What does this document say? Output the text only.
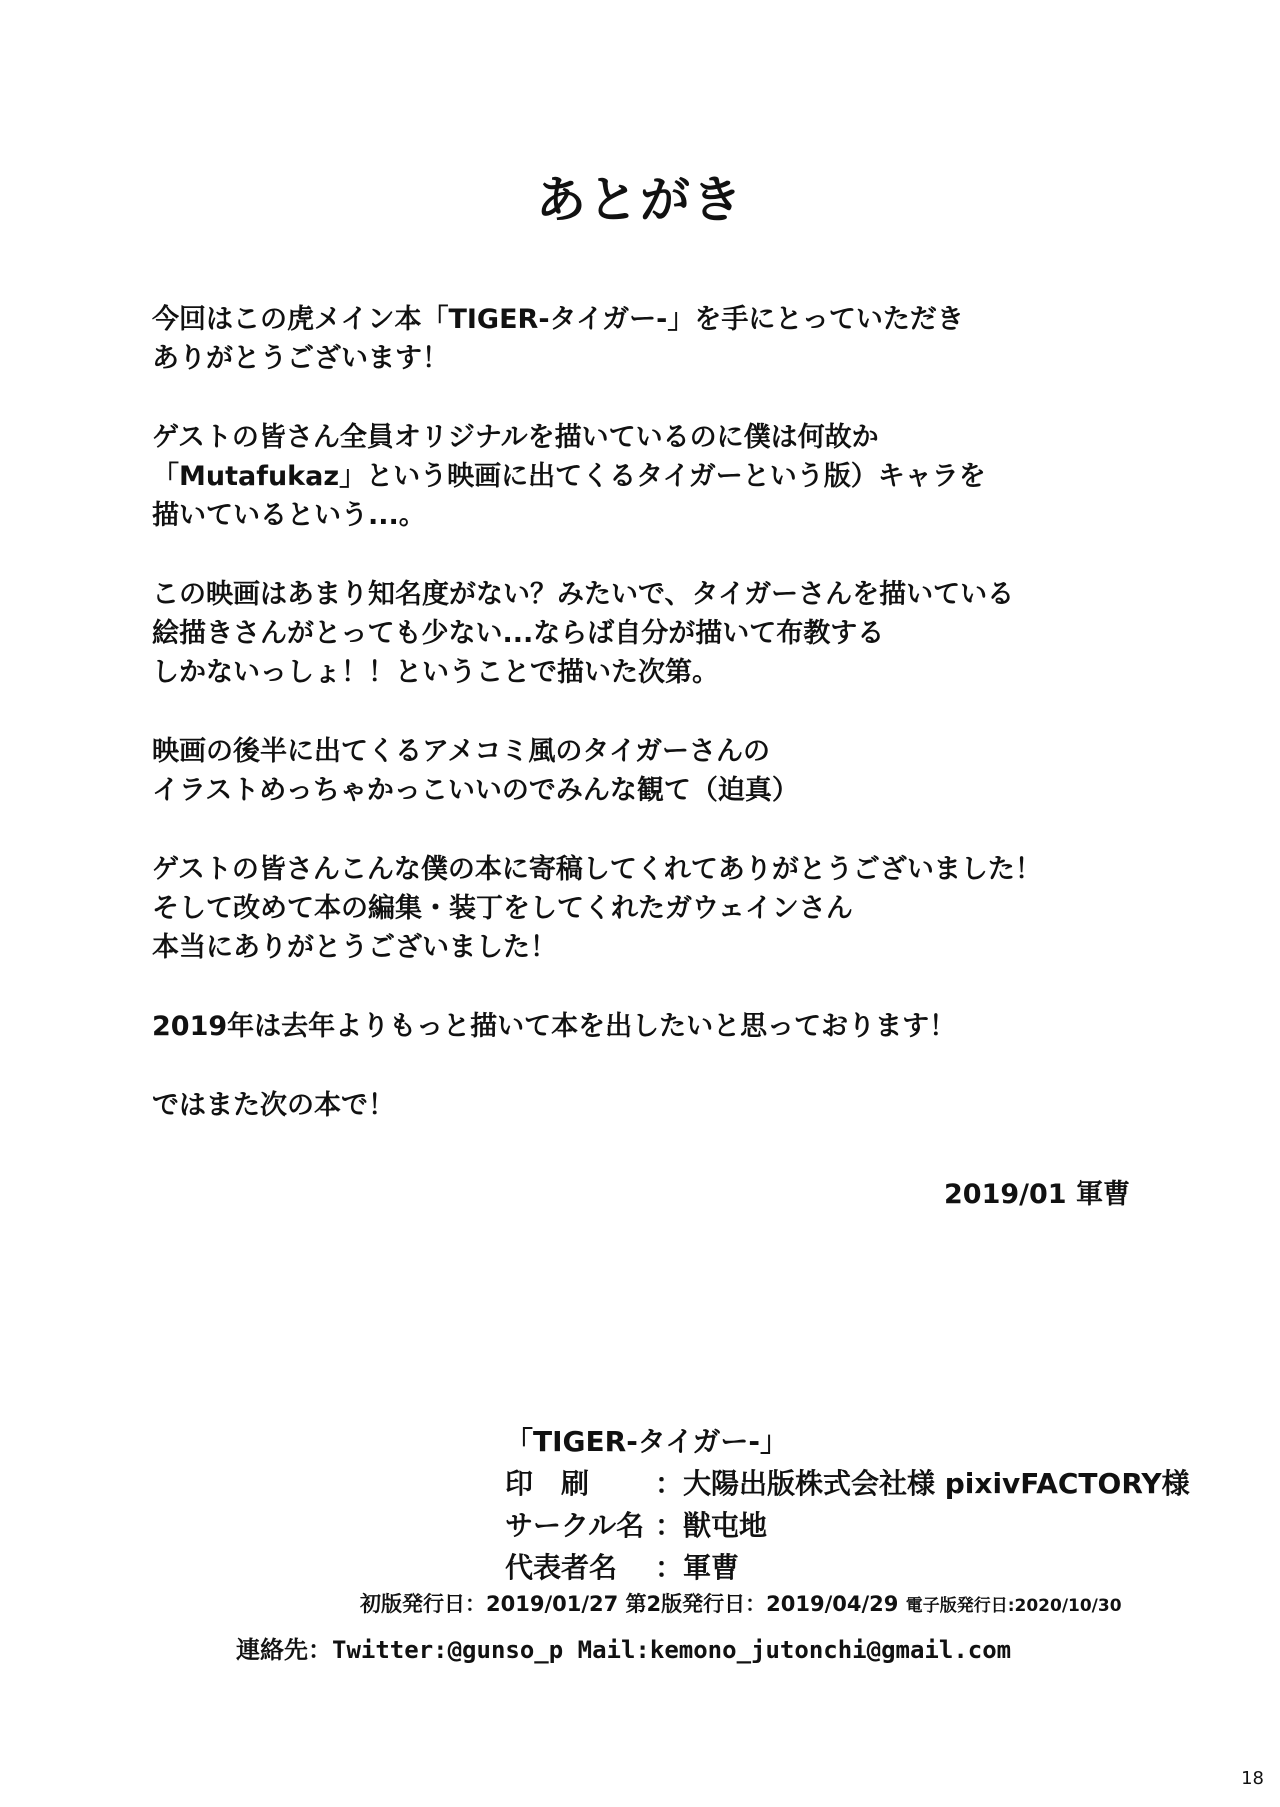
あとがき

今回はこの虎メイン本「TIGER-タイガー-」を手にとっていただき
ありがとうございます！

ゲストの皆さん全員オリジナルを描いているのに僕は何故か
「Mutafukaz」という映画に出てくるタイガーという版）キャラを
描いているという...。

この映画はあまり知名度がない？みたいで、タイガーさんを描いている
絵描きさんがとっても少ない...ならば自分が描いて布教する
しかないっしょ！！ということで描いた次第。

映画の後半に出てくるアメコミ風のタイガーさんの
イラストめっちゃかっこいいのでみんな観て（迫真）

ゲストの皆さんこんな僕の本に寄稿してくれてありがとうございました！
そして改めて本の編集・装丁をしてくれたガウェインさん
本当にありがとうございました！

2019年は去年よりもっと描いて本を出したいと思っております！

ではまた次の本で！

2019/01 軍曹
「TIGER-タイガー-」
印　刷 ：大陽出版株式会社様 pixivFACTORY様
サークル名 ：獣屯地
代表者名 ：軍曹
初版発行日：2019/01/27 第2版発行日：2019/04/29 電子版発行日:2020/10/30
連絡先：Twitter:@gunso_p Mail:kemono_jutonchi@gmail.com
18
